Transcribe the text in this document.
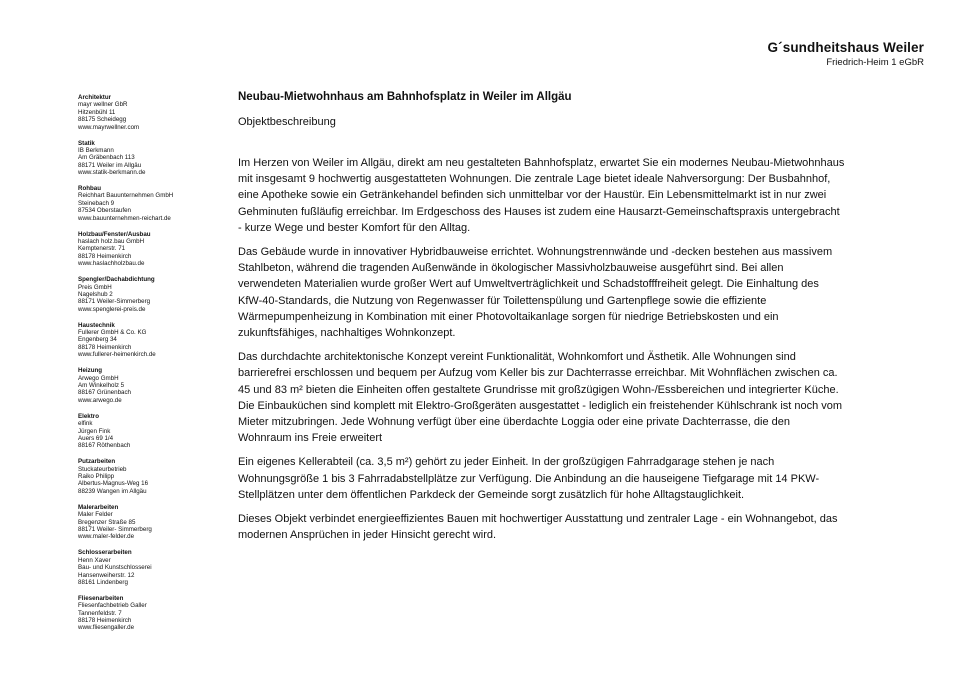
G´sundheitshaus Weiler
Friedrich-Heim 1 eGbR
Architektur
mayr wellner GbR
Hitzenbühl 11
88175 Scheidegg
www.mayrwellner.com
Statik
IB Berkmann
Am Gräbenbach 113
88171 Weiler im Allgäu
www.statik-berkmann.de
Rohbau
Reichhart Bauunternehmen GmbH
Steinebach 9
87534 Oberstaufen
www.bauunternehmen-reichart.de
Holzbau/Fenster/Ausbau
haslach holz.bau GmbH
Kemptenerstr. 71
88178 Heimenkirch
www.haslachholzbau.de
Spengler/Dachabdichtung
Preis GmbH
Nagelshub 2
88171 Weiler-Simmerberg
www.spenglerei-preis.de
Haustechnik
Fullerer GmbH & Co. KG
Engenberg 34
88178 Heimenkirch
www.fullerer-heimenkirch.de
Heizung
Arwego GmbH
Am Winkelholz 5
88167 Grünenbach
www.arwego.de
Elektro
elfink
Jürgen Fink
Auers 69 1/4
88167 Röthenbach
Putzarbeiten
Stuckateurbetrieb
Raiko Philipp
Albertus-Magnus-Weg 16
88239 Wangen im Allgäu
Malerarbeiten
Maler Felder
Bregenzer Straße 85
88171 Weiler- Simmerberg
www.maler-felder.de
Schlosserarbeiten
Henn Xaver
Bau- und Kunstschlosserei
Hansenweiherstr. 12
88161 Lindenberg
Fliesenarbeiten
Fliesenfachbetrieb Galler
Tannenfeldstr. 7
88178 Heimenkirch
www.fliesengaller.de
Neubau-Mietwohnhaus am Bahnhofsplatz in Weiler im Allgäu
Objektbeschreibung
Im Herzen von Weiler im Allgäu, direkt am neu gestalteten Bahnhofsplatz, erwartet Sie ein modernes Neubau-Mietwohnhaus
mit insgesamt 9 hochwertig ausgestatteten Wohnungen. Die zentrale Lage bietet ideale Nahversorgung: Der Busbahnhof,
eine Apotheke sowie ein Getränkehandel befinden sich unmittelbar vor der Haustür. Ein Lebensmittelmarkt ist in nur zwei
Gehminuten fußläufig erreichbar. Im Erdgeschoss des Hauses ist zudem eine Hausarzt-Gemeinschaftspraxis untergebracht
- kurze Wege und bester Komfort für den Alltag.
Das Gebäude wurde in innovativer Hybridbauweise errichtet. Wohnungstrennwände und -decken bestehen aus massivem
Stahlbeton, während die tragenden Außenwände in ökologischer Massivholzbauweise ausgeführt sind. Bei allen
verwendeten Materialien wurde großer Wert auf Umweltverträglichkeit und Schadstofffreiheit gelegt. Die Einhaltung des
KfW-40-Standards, die Nutzung von Regenwasser für Toilettenspülung und Gartenpflege sowie die effiziente
Wärmepumpenheizung in Kombination mit einer Photovoltaikanlage sorgen für niedrige Betriebskosten und ein
zukunftsfähiges, nachhaltiges Wohnkonzept.
Das durchdachte architektonische Konzept vereint Funktionalität, Wohnkomfort und Ästhetik. Alle Wohnungen sind
barrierefrei erschlossen und bequem per Aufzug vom Keller bis zur Dachterrasse erreichbar. Mit Wohnflächen zwischen ca.
45 und 83 m² bieten die Einheiten offen gestaltete Grundrisse mit großzügigen Wohn-/Essbereichen und integrierter Küche.
Die Einbauküchen sind komplett mit Elektro-Großgeräten ausgestattet - lediglich ein freistehender Kühlschrank ist noch vom
Mieter mitzubringen. Jede Wohnung verfügt über eine überdachte Loggia oder eine private Dachterrasse, die den
Wohnraum ins Freie erweitert
Ein eigenes Kellerabteil (ca. 3,5 m²) gehört zu jeder Einheit. In der großzügigen Fahrradgarage stehen je nach
Wohnungsgröße 1 bis 3 Fahrradabstellplätze zur Verfügung. Die Anbindung an die hauseigene Tiefgarage mit 14 PKW-
Stellplätzen unter dem öffentlichen Parkdeck der Gemeinde sorgt zusätzlich für hohe Alltagstauglichkeit.
Dieses Objekt verbindet energieeffizientes Bauen mit hochwertiger Ausstattung und zentraler Lage - ein Wohnangebot, das
modernen Ansprüchen in jeder Hinsicht gerecht wird.
